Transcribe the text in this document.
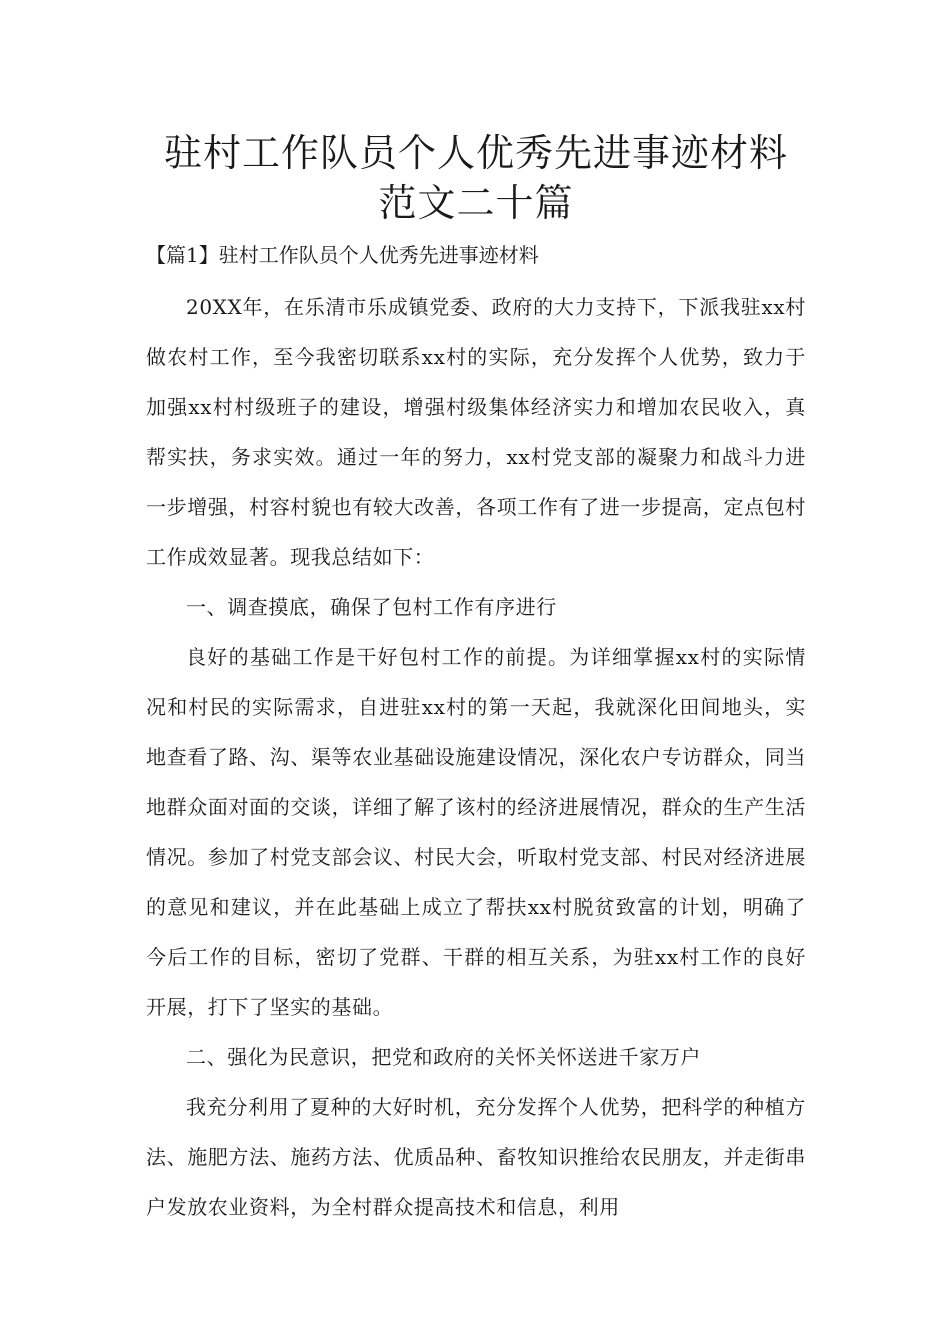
驻村工作队员个人优秀先进事迹材料范文二十篇

【篇1】驻村工作队员个人优秀先进事迹材料

20XX年，在乐清市乐成镇党委、政府的大力支持下，下派我驻xx村做农村工作，至今我密切联系xx村的实际，充分发挥个人优势，致力于加强xx村村级班子的建设，增强村级集体经济实力和增加农民收入，真帮实扶，务求实效。通过一年的努力，xx村党支部的凝聚力和战斗力进一步增强，村容村貌也有较大改善，各项工作有了进一步提高，定点包村工作成效显著。现我总结如下：

一、调查摸底，确保了包村工作有序进行

良好的基础工作是干好包村工作的前提。为详细掌握xx村的实际情况和村民的实际需求，自进驻xx村的第一天起，我就深化田间地头，实地查看了路、沟、渠等农业基础设施建设情况，深化农户专访群众，同当地群众面对面的交谈，详细了解了该村的经济进展情况，群众的生产生活情况。参加了村党支部会议、村民大会，听取村党支部、村民对经济进展的意见和建议，并在此基础上成立了帮扶xx村脱贫致富的计划，明确了今后工作的目标，密切了党群、干群的相互关系，为驻xx村工作的良好开展，打下了坚实的基础。

二、强化为民意识，把党和政府的关怀关怀送进千家万户

我充分利用了夏种的大好时机，充分发挥个人优势，把科学的种植方法、施肥方法、施药方法、优质品种、畜牧知识推给农民朋友，并走街串户发放农业资料，为全村群众提高技术和信息，利用
